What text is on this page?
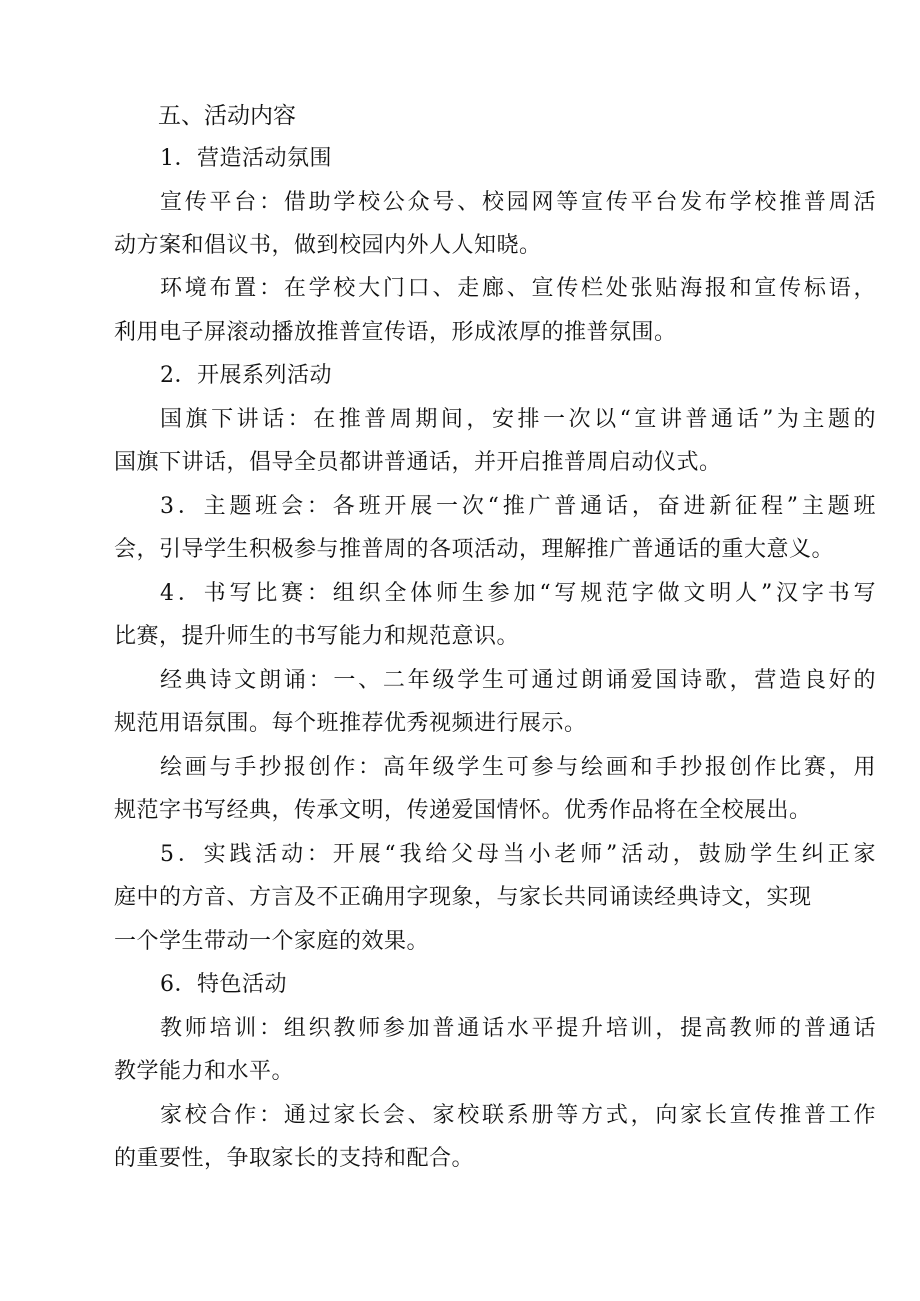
五、活动内容
1．营造活动氛围
宣传平台：借助学校公众号、校园网等宣传平台发布学校推普周活
动方案和倡议书，做到校园内外人人知晓。
环境布置：在学校大门口、走廊、宣传栏处张贴海报和宣传标语，
利用电子屏滚动播放推普宣传语，形成浓厚的推普氛围。
2．开展系列活动
国旗下讲话：在推普周期间，安排一次以“宣讲普通话”为主题的
国旗下讲话，倡导全员都讲普通话，并开启推普周启动仪式。
3．主题班会：各班开展一次“推广普通话，奋进新征程”主题班
会，引导学生积极参与推普周的各项活动，理解推广普通话的重大意义。
4．书写比赛：组织全体师生参加“写规范字做文明人”汉字书写
比赛，提升师生的书写能力和规范意识。
经典诗文朗诵：一、二年级学生可通过朗诵爱国诗歌，营造良好的
规范用语氛围。每个班推荐优秀视频进行展示。
绘画与手抄报创作：高年级学生可参与绘画和手抄报创作比赛，用
规范字书写经典，传承文明，传递爱国情怀。优秀作品将在全校展出。
5．实践活动：开展“我给父母当小老师”活动，鼓励学生纠正家
庭中的方音、方言及不正确用字现象，与家长共同诵读经典诗文，实现
一个学生带动一个家庭的效果。
6．特色活动
教师培训：组织教师参加普通话水平提升培训，提高教师的普通话
教学能力和水平。
家校合作：通过家长会、家校联系册等方式，向家长宣传推普工作
的重要性，争取家长的支持和配合。
